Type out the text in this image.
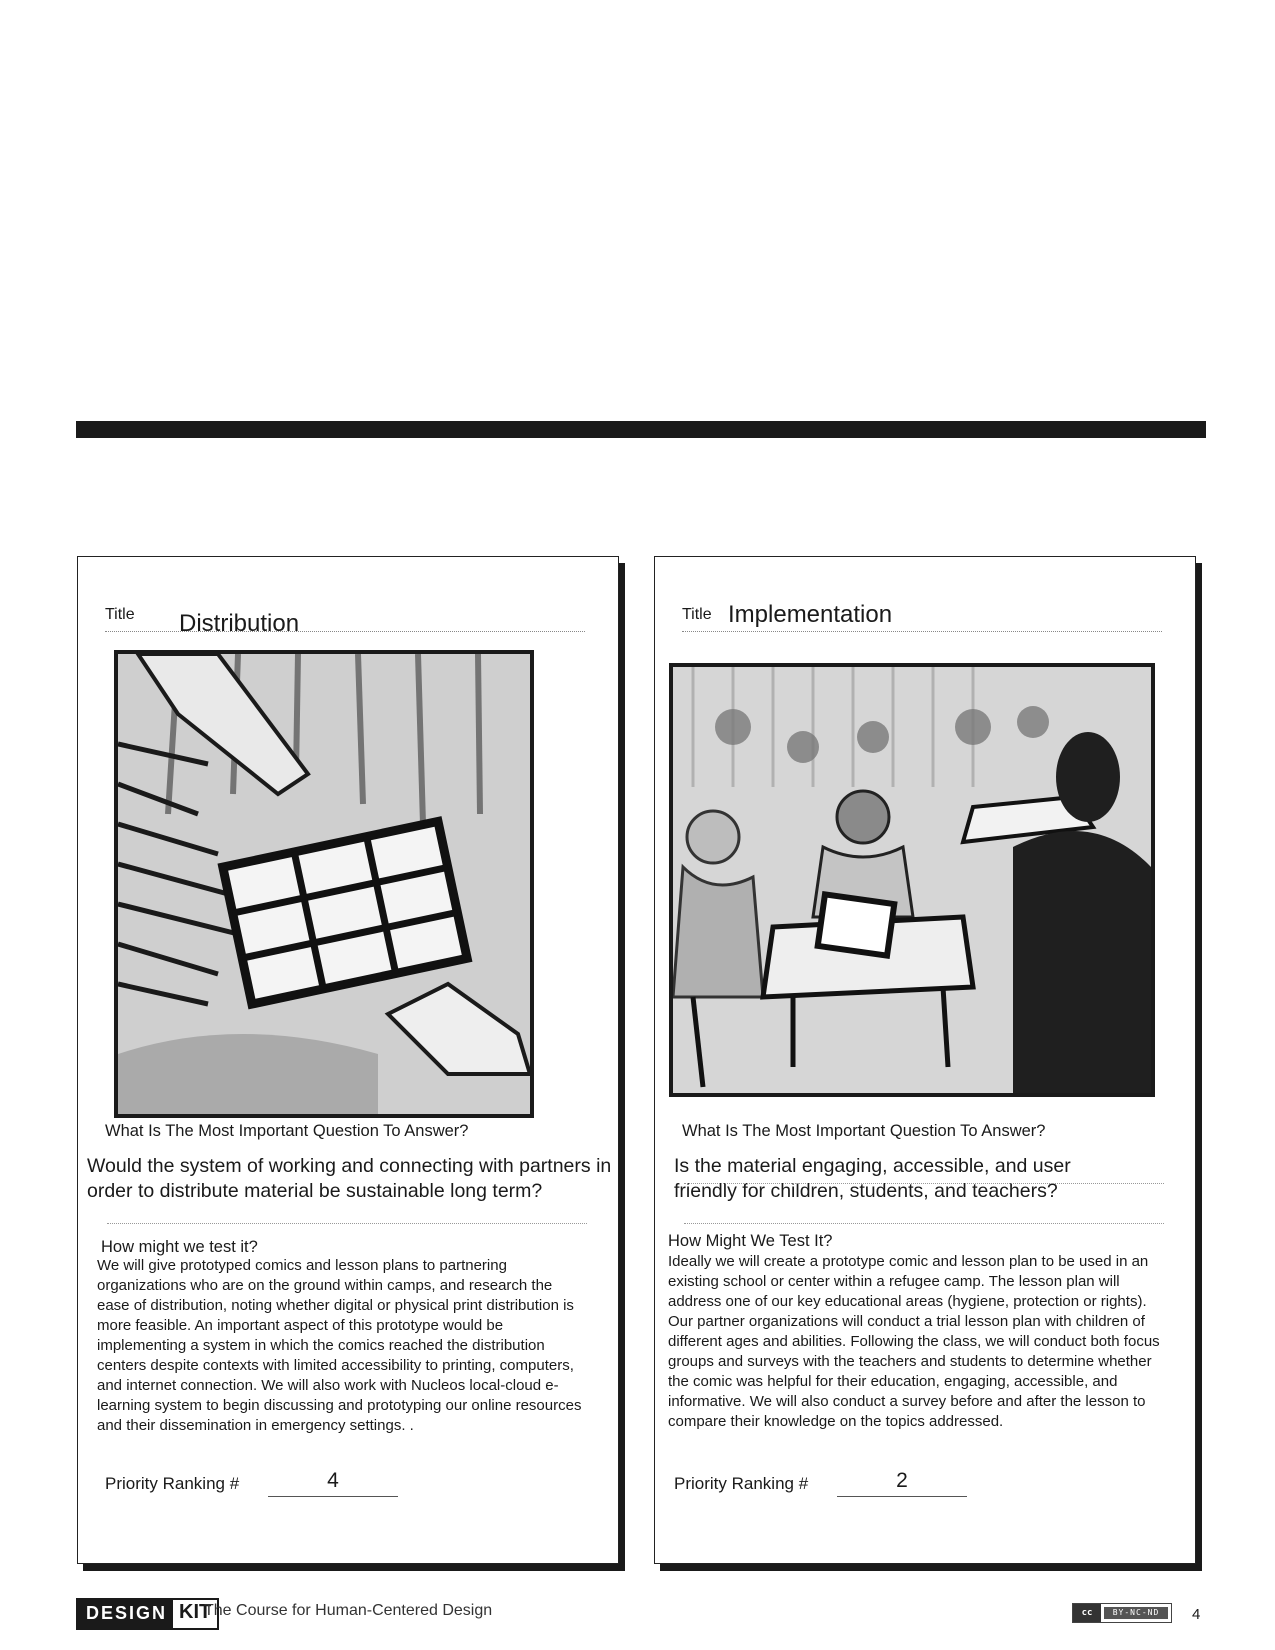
Title Distribution
What Is The Most Important Question To Answer?

Would the system of working and connecting with partners in order to distribute material be sustainable long term?

How might we test it?

We will give prototyped comics and lesson plans to partnering organizations who are on the ground within camps, and research the ease of distribution, noting whether digital or physical print distribution is more feasible. An important aspect of this prototype would be implementing a system in which the comics reached the distribution centers despite contexts with limited accessibility to printing, computers, and internet connection. We will also work with Nucleos local-cloud e-learning system to begin discussing and prototyping our online resources and their dissemination in emergency settings. .

Priority Ranking #	4
Title Implementation
What Is The Most Important Question To Answer?

Is the material engaging, accessible, and user friendly for children, students, and teachers?

How Might We Test It?

Ideally we will create a prototype comic and lesson plan to be used in an existing school or center within a refugee camp. The lesson plan will address one of our key educational areas (hygiene, protection or rights). Our partner organizations will conduct a trial lesson plan with children of different ages and abilities. Following the class, we will conduct both focus groups and surveys with the teachers and students to determine whether the comic was helpful for their education, engaging, accessible, and informative. We will also conduct a survey before and after the lesson to compare their knowledge on the topics addressed.

Priority Ranking #	2
DESIGN KIT
The Course for Human-Centered Design	cc	BY-NC-ND	4
